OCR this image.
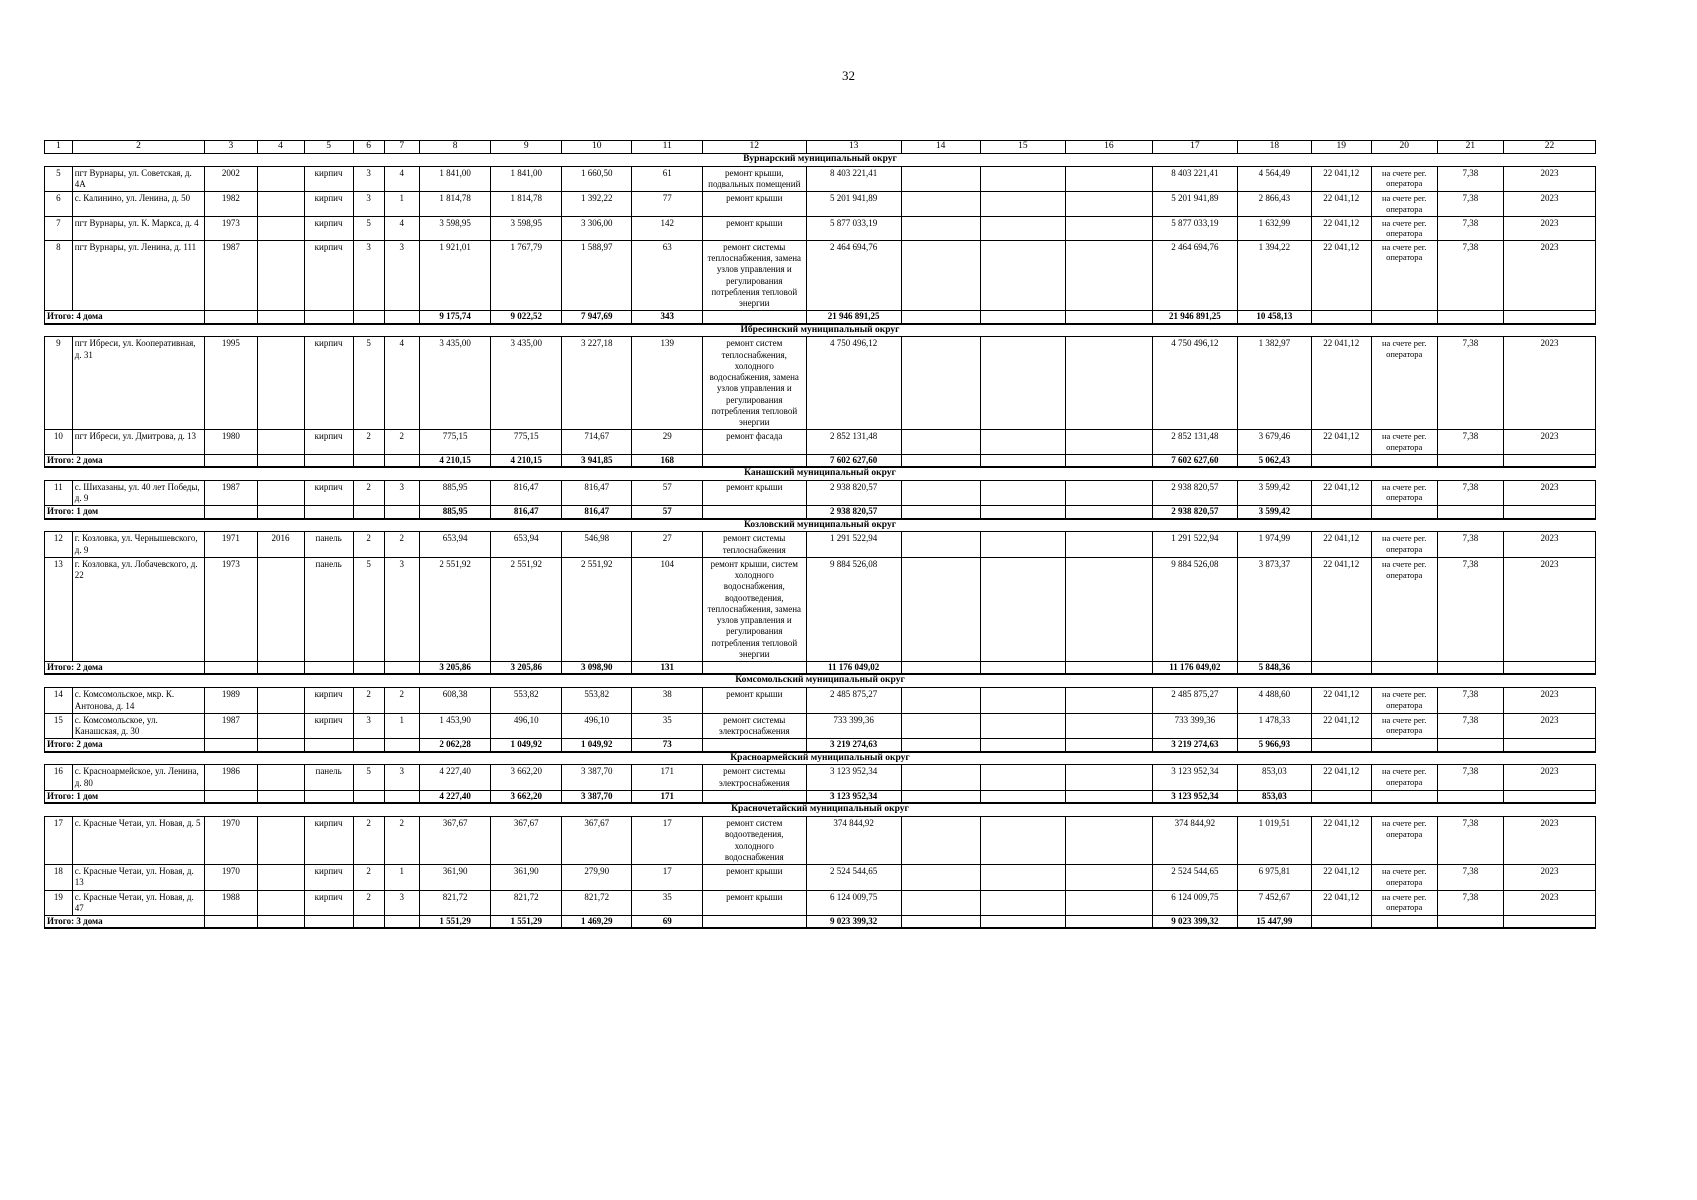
32
1	2	3	4	5	6	7	8	9	10	11	12	13	14	15	16	17	18	19	20	21	22
Вурнарский муниципальный округ																					
5	пгт Вурнары, ул. Советская, д. 4А	2002		кирпич	3	4	1 841,00	1 841,00	1 660,50	61	ремонт крыши, подвальных помещений	8 403 221,41				8 403 221,41	4 564,49	22 041,12	на счете рег. оператора	7,38	2023
6	с. Калинино, ул. Ленина, д. 50	1982		кирпич	3	1	1 814,78	1 814,78	1 392,22	77	ремонт крыши	5 201 941,89				5 201 941,89	2 866,43	22 041,12	на счете рег. оператора	7,38	2023
7	пгт Вурнары, ул. К. Маркса, д. 4	1973		кирпич	5	4	3 598,95	3 598,95	3 306,00	142	ремонт крыши	5 877 033,19				5 877 033,19	1 632,99	22 041,12	на счете рег. оператора	7,38	2023
8	пгт Вурнары, ул. Ленина, д. 111	1987		кирпич	3	3	1 921,01	1 767,79	1 588,97	63	ремонт системы теплоснабжения, замена узлов управления и регулирования потребления тепловой энергии	2 464 694,76				2 464 694,76	1 394,22	22 041,12	на счете рег. оператора	7,38	2023
Итого: 4 дома							9 175,74	9 022,52	7 947,69	343		21 946 891,25				21 946 891,25	10 458,13				
Ибресинский муниципальный округ																					
9	пгт Ибреси, ул. Кооперативная, д. 31	1995		кирпич	5	4	3 435,00	3 435,00	3 227,18	139	ремонт систем теплоснабжения, холодного водоснабжения, замена узлов управления и регулирования потребления тепловой энергии	4 750 496,12				4 750 496,12	1 382,97	22 041,12	на счете рег. оператора	7,38	2023
10	пгт Ибреси, ул. Дмитрова, д. 13	1980		кирпич	2	2	775,15	775,15	714,67	29	ремонт фасада	2 852 131,48				2 852 131,48	3 679,46	22 041,12	на счете рег. оператора	7,38	2023
Итого: 2 дома							4 210,15	4 210,15	3 941,85	168		7 602 627,60				7 602 627,60	5 062,43				
Канашский муниципальный округ																					
11	с. Шихазаны, ул. 40 лет Победы, д. 9	1987		кирпич	2	3	885,95	816,47	816,47	57	ремонт крыши	2 938 820,57				2 938 820,57	3 599,42	22 041,12	на счете рег. оператора	7,38	2023
Итого: 1 дом							885,95	816,47	816,47	57		2 938 820,57				2 938 820,57	3 599,42				
Козловский муниципальный округ																					
12	г. Козловка, ул. Чернышевского, д. 9	1971	2016	панель	2	2	653,94	653,94	546,98	27	ремонт системы теплоснабжения	1 291 522,94				1 291 522,94	1 974,99	22 041,12	на счете рег. оператора	7,38	2023
13	г. Козловка, ул. Лобачевского, д. 22	1973		панель	5	3	2 551,92	2 551,92	2 551,92	104	ремонт крыши, систем холодного водоснабжения, водоотведения, теплоснабжения, замена узлов управления и регулирования потребления тепловой энергии	9 884 526,08				9 884 526,08	3 873,37	22 041,12	на счете рег. оператора	7,38	2023
Итого: 2 дома							3 205,86	3 205,86	3 098,90	131		11 176 049,02				11 176 049,02	5 848,36				
Комсомольский муниципальный округ																					
14	с. Комсомольское, мкр. К. Антонова, д. 14	1989		кирпич	2	2	608,38	553,82	553,82	38	ремонт крыши	2 485 875,27				2 485 875,27	4 488,60	22 041,12	на счете рег. оператора	7,38	2023
15	с. Комсомольское, ул. Канашская, д. 30	1987		кирпич	3	1	1 453,90	496,10	496,10	35	ремонт системы электроснабжения	733 399,36				733 399,36	1 478,33	22 041,12	на счете рег. оператора	7,38	2023
Итого: 2 дома							2 062,28	1 049,92	1 049,92	73		3 219 274,63				3 219 274,63	5 966,93				
Красноармейский муниципальный округ																					
16	с. Красноармейское, ул. Ленина, д. 80	1986		панель	5	3	4 227,40	3 662,20	3 387,70	171	ремонт системы электроснабжения	3 123 952,34				3 123 952,34	853,03	22 041,12	на счете рег. оператора	7,38	2023
Итого: 1 дом							4 227,40	3 662,20	3 387,70	171		3 123 952,34				3 123 952,34	853,03				
Красночетайский муниципальный округ																					
17	с. Красные Четаи, ул. Новая, д. 5	1970		кирпич	2	2	367,67	367,67	367,67	17	ремонт систем водоотведения, холодного водоснабжения	374 844,92				374 844,92	1 019,51	22 041,12	на счете рег. оператора	7,38	2023
18	с. Красные Четаи, ул. Новая, д. 13	1970		кирпич	2	1	361,90	361,90	279,90	17	ремонт крыши	2 524 544,65				2 524 544,65	6 975,81	22 041,12	на счете рег. оператора	7,38	2023
19	с. Красные Четаи, ул. Новая, д. 47	1988		кирпич	2	3	821,72	821,72	821,72	35	ремонт крыши	6 124 009,75				6 124 009,75	7 452,67	22 041,12	на счете рег. оператора	7,38	2023
Итого: 3 дома							1 551,29	1 551,29	1 469,29	69		9 023 399,32				9 023 399,32	15 447,99				
